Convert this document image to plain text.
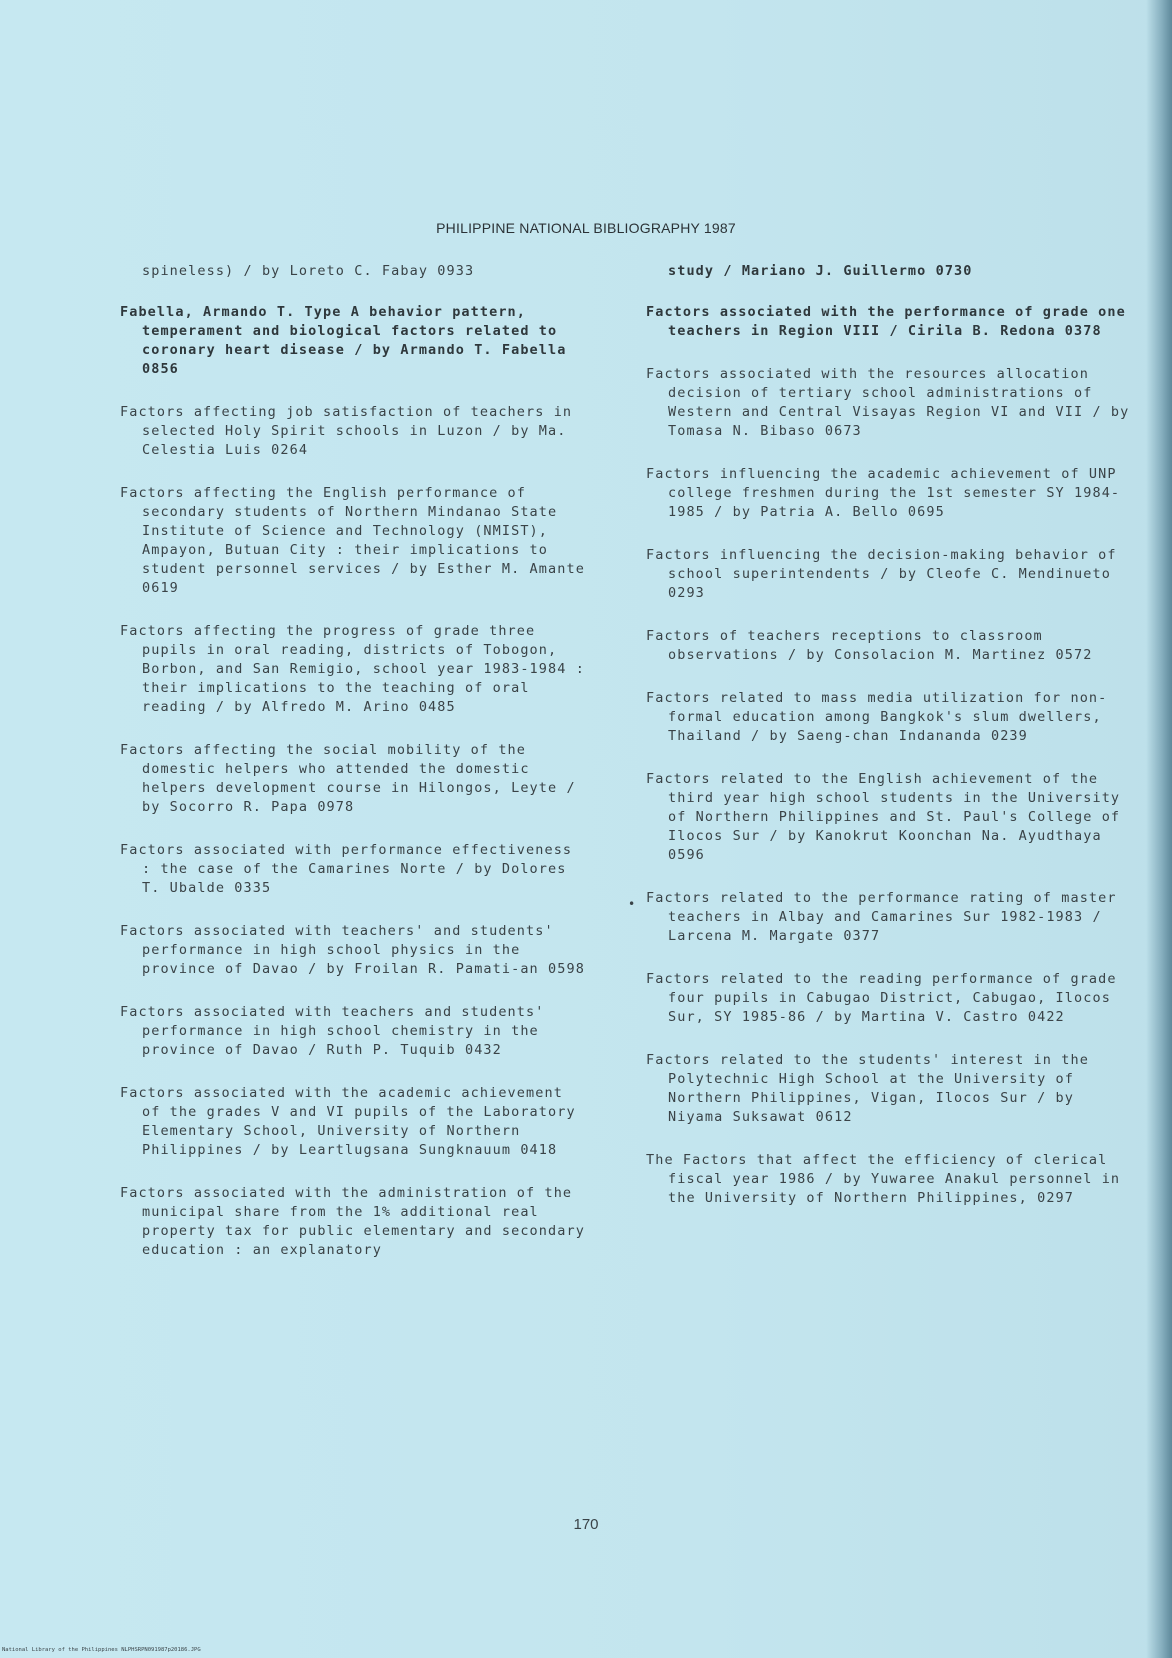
PHILIPPINE NATIONAL BIBLIOGRAPHY 1987

spineless) / by Loreto C. Fabay 0933

Fabella, Armando T. Type A behavior pattern, temperament and biological factors related to coronary heart disease / by Armando T. Fabella 0856

Factors affecting job satisfaction of teachers in selected Holy Spirit schools in Luzon / by Ma. Celestia Luis 0264

Factors affecting the English performance of secondary students of Northern Mindanao State Institute of Science and Technology (NMIST), Ampayon, Butuan City : their implications to student personnel services / by Esther M. Amante 0619

Factors affecting the progress of grade three pupils in oral reading, districts of Tobogon, Borbon, and San Remigio, school year 1983-1984 : their implications to the teaching of oral reading / by Alfredo M. Arino 0485

Factors affecting the social mobility of the domestic helpers who attended the domestic helpers development course in Hilongos, Leyte / by Socorro R. Papa 0978

Factors associated with performance effectiveness : the case of the Camarines Norte / by Dolores T. Ubalde 0335

Factors associated with teachers' and students' performance in high school physics in the province of Davao / by Froilan R. Pamati-an 0598

Factors associated with teachers and students' performance in high school chemistry in the province of Davao / Ruth P. Tuquib 0432

Factors associated with the academic achievement of the grades V and VI pupils of the Laboratory Elementary School, University of Northern Philippines / by Leartlugsana Sungknauum 0418

Factors associated with the administration of the municipal share from the 1% additional real property tax for public elementary and secondary education : an explanatory

study / Mariano J. Guillermo 0730

Factors associated with the performance of grade one teachers in Region VIII / Cirila B. Redona 0378

Factors associated with the resources allocation decision of tertiary school administrations of Western and Central Visayas Region VI and VII / by Tomasa N. Bibaso 0673

Factors influencing the academic achievement of UNP college freshmen during the 1st semester SY 1984-1985 / by Patria A. Bello 0695

Factors influencing the decision-making behavior of school superintendents / by Cleofe C. Mendinueto 0293

Factors of teachers receptions to classroom observations / by Consolacion M. Martinez 0572

Factors related to mass media utilization for non-formal education among Bangkok's slum dwellers, Thailand / by Saeng-chan Indananda 0239

Factors related to the English achievement of the third year high school students in the University of Northern Philippines and St. Paul's College of Ilocos Sur / by Kanokrut Koonchan Na. Ayudthaya 0596

Factors related to the performance rating of master teachers in Albay and Camarines Sur 1982-1983 / Larcena M. Margate 0377

Factors related to the reading performance of grade four pupils in Cabugao District, Cabugao, Ilocos Sur, SY 1985-86 / by Martina V. Castro 0422

Factors related to the students' interest in the Polytechnic High School at the University of Northern Philippines, Vigan, Ilocos Sur / by Niyama Suksawat 0612

The Factors that affect the efficiency of clerical fiscal year 1986 / by Yuwaree Anakul personnel in the University of Northern Philippines, 0297

•
170
National Library of the Philippines NLPHSRPN091987p20186.JPG
